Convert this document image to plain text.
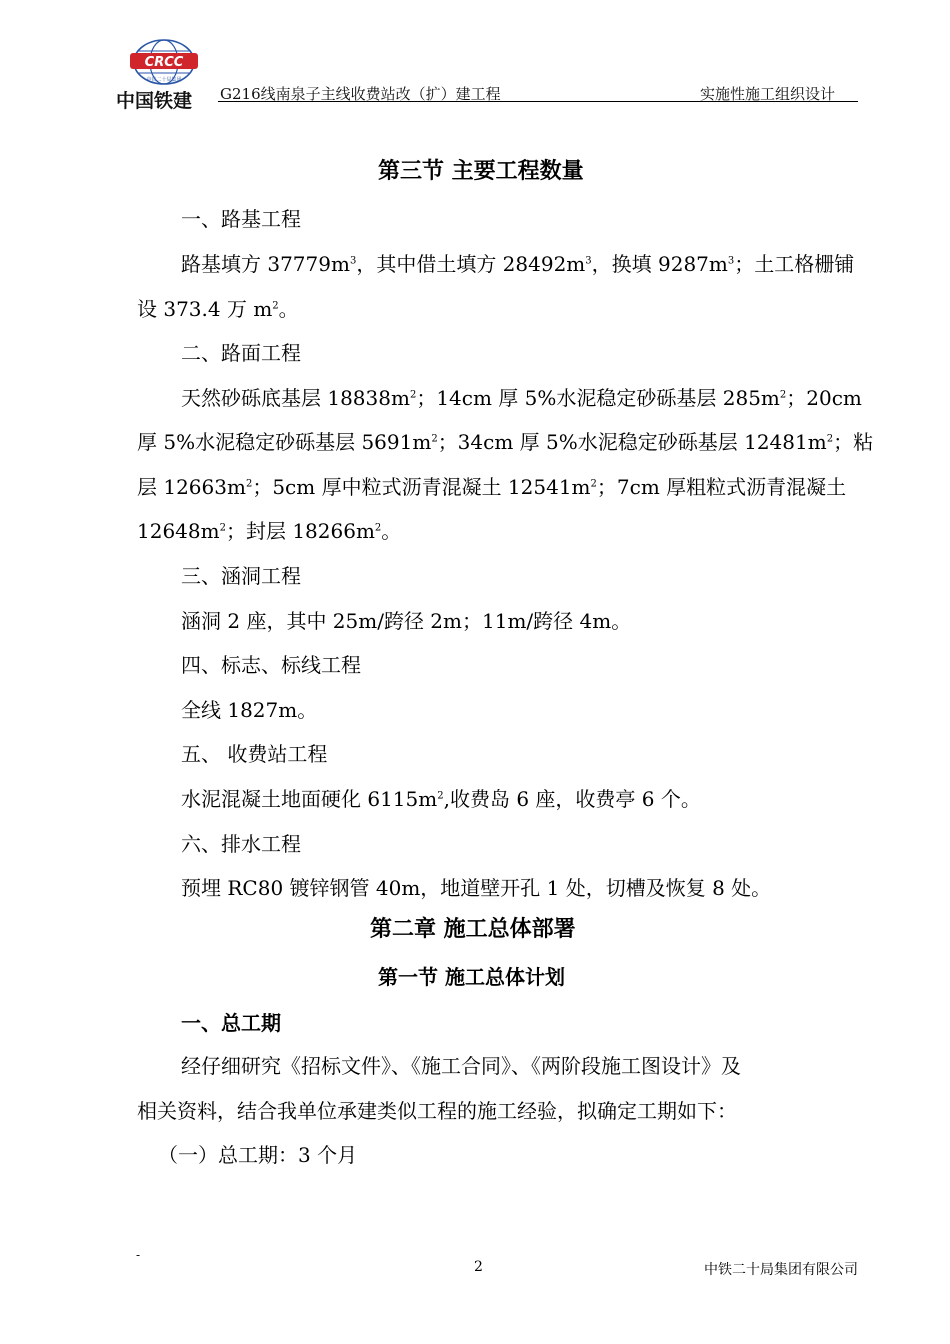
CRCC
中铁二十局集团
中国铁建 G216线南泉子主线收费站改（扩）建工程	实施性施工组织设计
第三节 主要工程数量
一、路基工程
路基填方 $37779m^3$，其中借土填方 $28492m^3$，换填 $9287m^3$；土工格栅铺
设 373.4 万 $m^2$。
二、路面工程
天然砂砾底基层 $18838m^2$；14cm 厚 5%水泥稳定砂砾基层 $285m^2$；20cm
厚 5%水泥稳定砂砾基层 $5691m^2$；34cm 厚 5%水泥稳定砂砾基层 $12481m^2$；粘
层 $12663m^2$；5cm 厚中粒式沥青混凝土 $12541m^2$；7cm 厚粗粒式沥青混凝土
$12648m^2$；封层 $18266m^2$。
三、涵洞工程
涵洞 2 座，其中 25m/跨径 2m；11m/跨径 4m。
四、标志、标线工程
全线 1827m。
五、 收费站工程
水泥混凝土地面硬化 $6115m^2$,收费岛 6 座，收费亭 6 个。
六、排水工程
预埋 RC80 镀锌钢管 40m，地道壁开孔 1 处，切槽及恢复 8 处。
第二章 施工总体部署
第一节 施工总体计划
一、总工期
经仔细研究《招标文件》、《施工合同》、《两阶段施工图设计》及
相关资料，结合我单位承建类似工程的施工经验，拟确定工期如下：
（一）总工期：3 个月
-
2	中铁二十局集团有限公司
